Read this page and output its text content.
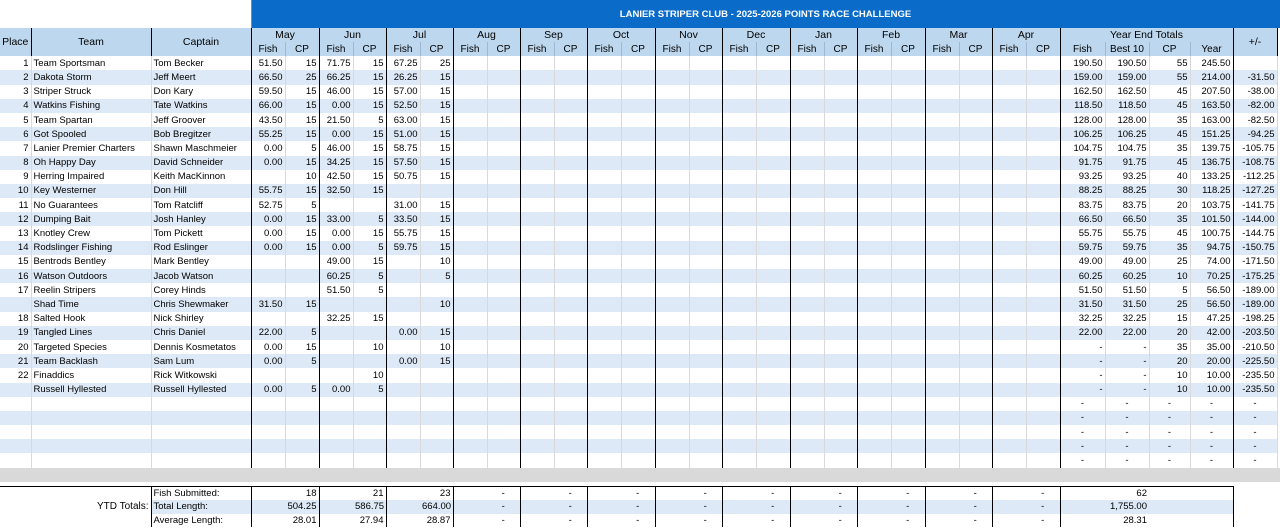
			LANIER STRIPER CLUB - 2025-2026 POINTS RACE CHALLENGE																													
Place	Team	Captain	May		Jun		Jul		Aug		Sep		Oct		Nov		Dec		Jan		Feb		Mar		Apr		Year End Totals				+/-	
			Fish	CP	Fish	CP	Fish	CP	Fish	CP	Fish	CP	Fish	CP	Fish	CP	Fish	CP	Fish	CP	Fish	CP	Fish	CP	Fish	CP	Fish	Best 10	CP	Year		
1	Team Sportsman	Tom Becker	51.50	15	71.75	15	67.25	25																			190.50	190.50	55	245.50		
2	Dakota Storm	Jeff Meert	66.50	25	66.25	15	26.25	15																			159.00	159.00	55	214.00	-31.50	
3	Striper Struck	Don Kary	59.50	15	46.00	15	57.00	15																			162.50	162.50	45	207.50	-38.00	
4	Watkins Fishing	Tate Watkins	66.00	15	0.00	15	52.50	15																			118.50	118.50	45	163.50	-82.00	
5	Team Spartan	Jeff Groover	43.50	15	21.50	5	63.00	15																			128.00	128.00	35	163.00	-82.50	
6	Got Spooled	Bob Bregitzer	55.25	15	0.00	15	51.00	15																			106.25	106.25	45	151.25	-94.25	
7	Lanier Premier Charters	Shawn Maschmeier	0.00	5	46.00	15	58.75	15																			104.75	104.75	35	139.75	-105.75	
8	Oh Happy Day	David Schneider	0.00	15	34.25	15	57.50	15																			91.75	91.75	45	136.75	-108.75	
9	Herring Impaired	Keith MacKinnon		10	42.50	15	50.75	15																			93.25	93.25	40	133.25	-112.25	
10	Key Westerner	Don Hill	55.75	15	32.50	15																					88.25	88.25	30	118.25	-127.25	
11	No Guarantees	Tom Ratcliff	52.75	5			31.00	15																			83.75	83.75	20	103.75	-141.75	
12	Dumping Bait	Josh Hanley	0.00	15	33.00	5	33.50	15																			66.50	66.50	35	101.50	-144.00	
13	Knotley Crew	Tom Pickett	0.00	15	0.00	15	55.75	15																			55.75	55.75	45	100.75	-144.75	
14	Rodslinger Fishing	Rod Eslinger	0.00	15	0.00	5	59.75	15																			59.75	59.75	35	94.75	-150.75	
15	Bentrods Bentley	Mark Bentley			49.00	15		10																			49.00	49.00	25	74.00	-171.50	
16	Watson Outdoors	Jacob Watson			60.25	5		5																			60.25	60.25	10	70.25	-175.25	
17	Reelin Stripers	Corey Hinds			51.50	5																					51.50	51.50	5	56.50	-189.00	
	Shad Time	Chris Shewmaker	31.50	15				10																			31.50	31.50	25	56.50	-189.00	
18	Salted Hook	Nick Shirley			32.25	15																					32.25	32.25	15	47.25	-198.25	
19	Tangled Lines	Chris Daniel	22.00	5			0.00	15																			22.00	22.00	20	42.00	-203.50	
20	Targeted Species	Dennis Kosmetatos	0.00	15		10		10																			-	-	35	35.00	-210.50	
21	Team Backlash	Sam Lum	0.00	5			0.00	15																			-	-	20	20.00	-225.50	
22	Finaddics	Rick Witkowski				10																					-	-	10	10.00	-235.50	
	Russell Hyllested	Russell Hyllested	0.00	5	0.00	5																					-	-	10	10.00	-235.50	
																											-	-	-	-	-	
																											-	-	-	-	-	
																											-	-	-	-	-	
																											-	-	-	-	-	
																											-	-	-	-	-	

YTD Totals:		Fish Submitted:		18		21		23		-		-		-		-		-		-		-		-		-	62					
		Total Length:		504.25		586.75		664.00		-		-		-		-		-		-		-		-		-	1,755.00					
		Average Length:		28.01		27.94		28.87		-		-		-		-		-		-		-		-		-	28.31					
